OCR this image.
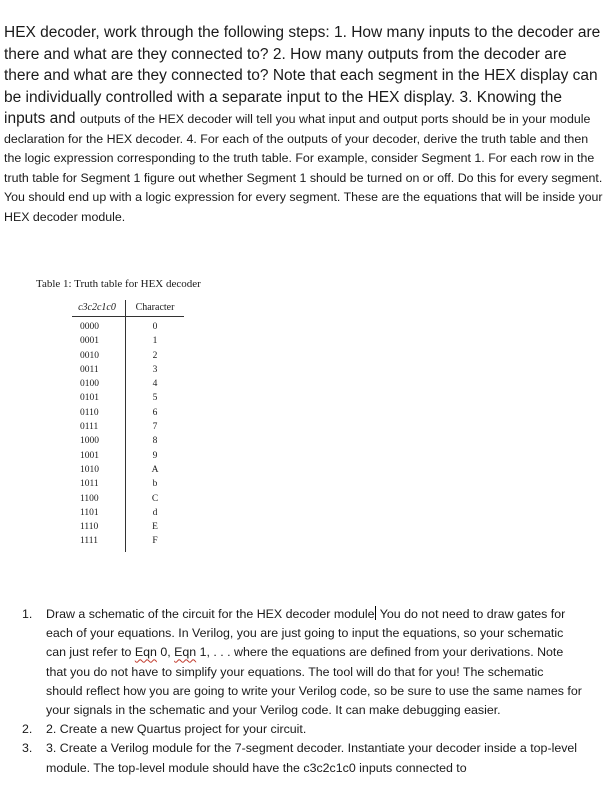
HEX decoder, work through the following steps: 1. How many inputs to the decoder are there and what are they connected to? 2. How many outputs from the decoder are there and what are they connected to? Note that each segment in the HEX display can be individually controlled with a separate input to the HEX display. 3. Knowing the inputs and outputs of the HEX decoder will tell you what input and output ports should be in your module declaration for the HEX decoder. 4. For each of the outputs of your decoder, derive the truth table and then the logic expression corresponding to the truth table. For example, consider Segment 1. For each row in the truth table for Segment 1 figure out whether Segment 1 should be turned on or off. Do this for every segment. You should end up with a logic expression for every segment. These are the equations that will be inside your HEX decoder module.
Table 1: Truth table for HEX decoder
c3c2c1c0	Character
0000	0
0001	1
0010	2
0011	3
0100	4
0101	5
0110	6
0111	7
1000	8
1001	9
1010	A
1011	b
1100	C
1101	d
1110	E
1111	F
1. Draw a schematic of the circuit for the HEX decoder module You do not need to draw gates for each of your equations. In Verilog, you are just going to input the equations, so your schematic can just refer to Eqn 0, Eqn 1, . . . where the equations are defined from your derivations. Note that you do not have to simplify your equations. The tool will do that for you! The schematic should reflect how you are going to write your Verilog code, so be sure to use the same names for your signals in the schematic and your Verilog code. It can make debugging easier.
2. 2. Create a new Quartus project for your circuit.
3. 3. Create a Verilog module for the 7-segment decoder. Instantiate your decoder inside a top-level module. The top-level module should have the c3c2c1c0 inputs connected to
